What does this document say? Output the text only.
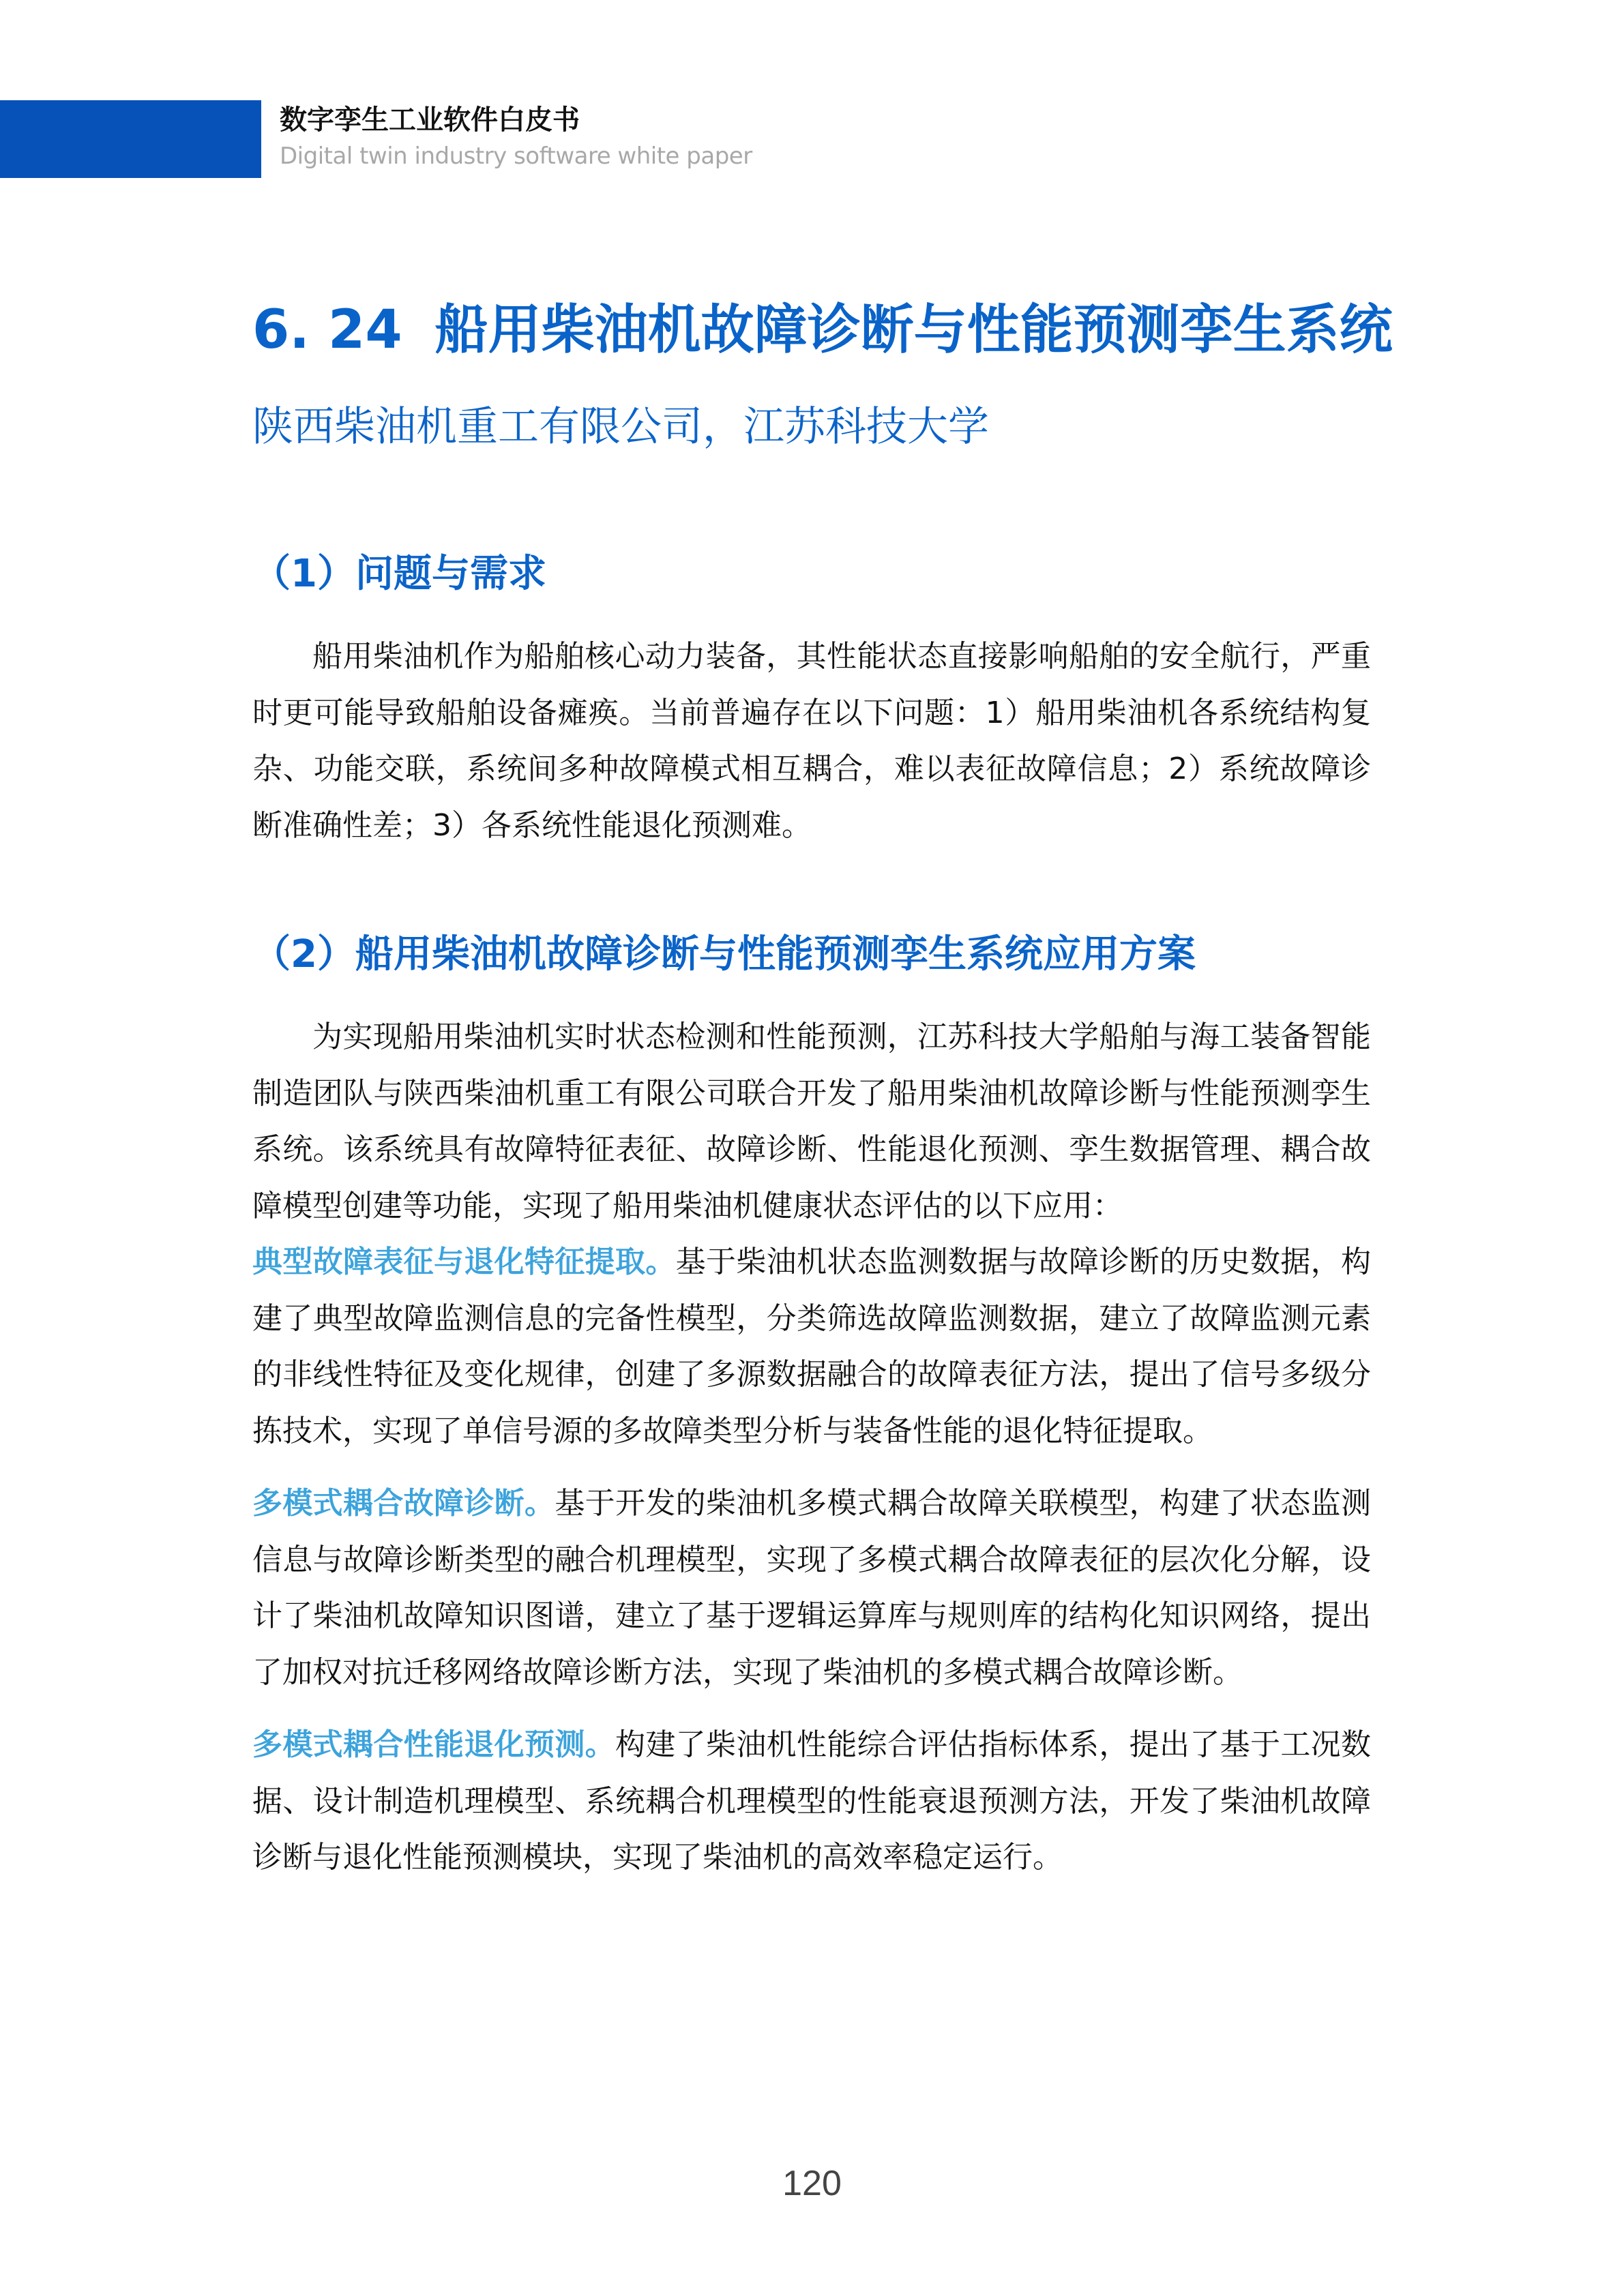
数字孪生工业软件白皮书
Digital twin industry software white paper
6. 24 船用柴油机故障诊断与性能预测孪生系统
陕西柴油机重工有限公司，江苏科技大学
（1）问题与需求

船用柴油机作为船舶核心动力装备，其性能状态直接影响船舶的安全航行，严重时更可能导致船舶设备瘫痪。当前普遍存在以下问题：1）船用柴油机各系统结构复杂、功能交联，系统间多种故障模式相互耦合，难以表征故障信息；2）系统故障诊断准确性差；3）各系统性能退化预测难。

（2）船用柴油机故障诊断与性能预测孪生系统应用方案

为实现船用柴油机实时状态检测和性能预测，江苏科技大学船舶与海工装备智能制造团队与陕西柴油机重工有限公司联合开发了船用柴油机故障诊断与性能预测孪生系统。该系统具有故障特征表征、故障诊断、性能退化预测、孪生数据管理、耦合故障模型创建等功能，实现了船用柴油机健康状态评估的以下应用：

典型故障表征与退化特征提取。基于柴油机状态监测数据与故障诊断的历史数据，构建了典型故障监测信息的完备性模型，分类筛选故障监测数据，建立了故障监测元素的非线性特征及变化规律，创建了多源数据融合的故障表征方法，提出了信号多级分拣技术，实现了单信号源的多故障类型分析与装备性能的退化特征提取。

多模式耦合故障诊断。基于开发的柴油机多模式耦合故障关联模型，构建了状态监测信息与故障诊断类型的融合机理模型，实现了多模式耦合故障表征的层次化分解，设计了柴油机故障知识图谱，建立了基于逻辑运算库与规则库的结构化知识网络，提出了加权对抗迁移网络故障诊断方法，实现了柴油机的多模式耦合故障诊断。

多模式耦合性能退化预测。构建了柴油机性能综合评估指标体系，提出了基于工况数据、设计制造机理模型、系统耦合机理模型的性能衰退预测方法，开发了柴油机故障诊断与退化性能预测模块，实现了柴油机的高效率稳定运行。

120
